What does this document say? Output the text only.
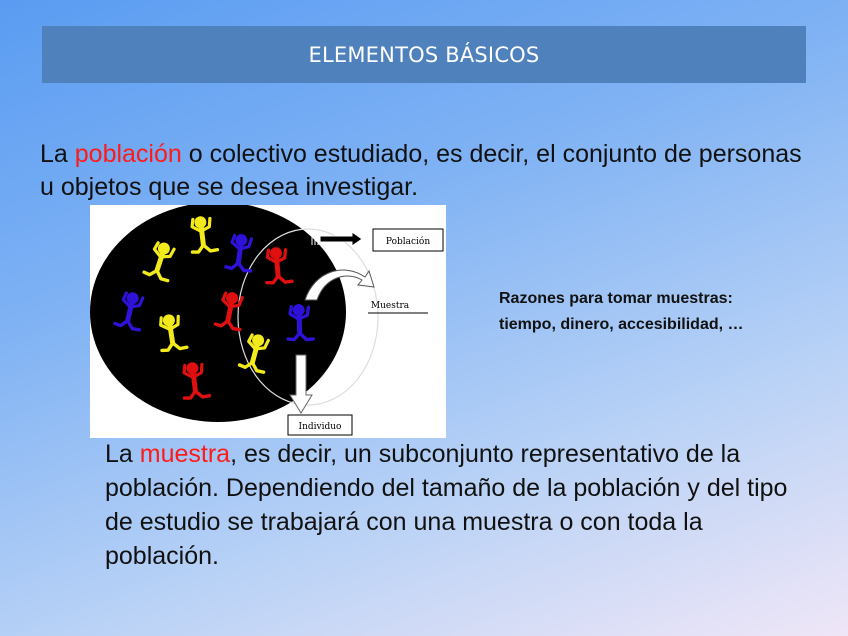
ELEMENTOS BÁSICOS
La población o colectivo estudiado, es decir, el conjunto de personas u objetos que se desea investigar.
Población
Muestra
Individuo
Razones para tomar muestras:
tiempo, dinero, accesibilidad, …
La muestra, es decir, un subconjunto representativo de la población. Dependiendo del tamaño de la población y del tipo de estudio se trabajará con una muestra o con toda la población.
